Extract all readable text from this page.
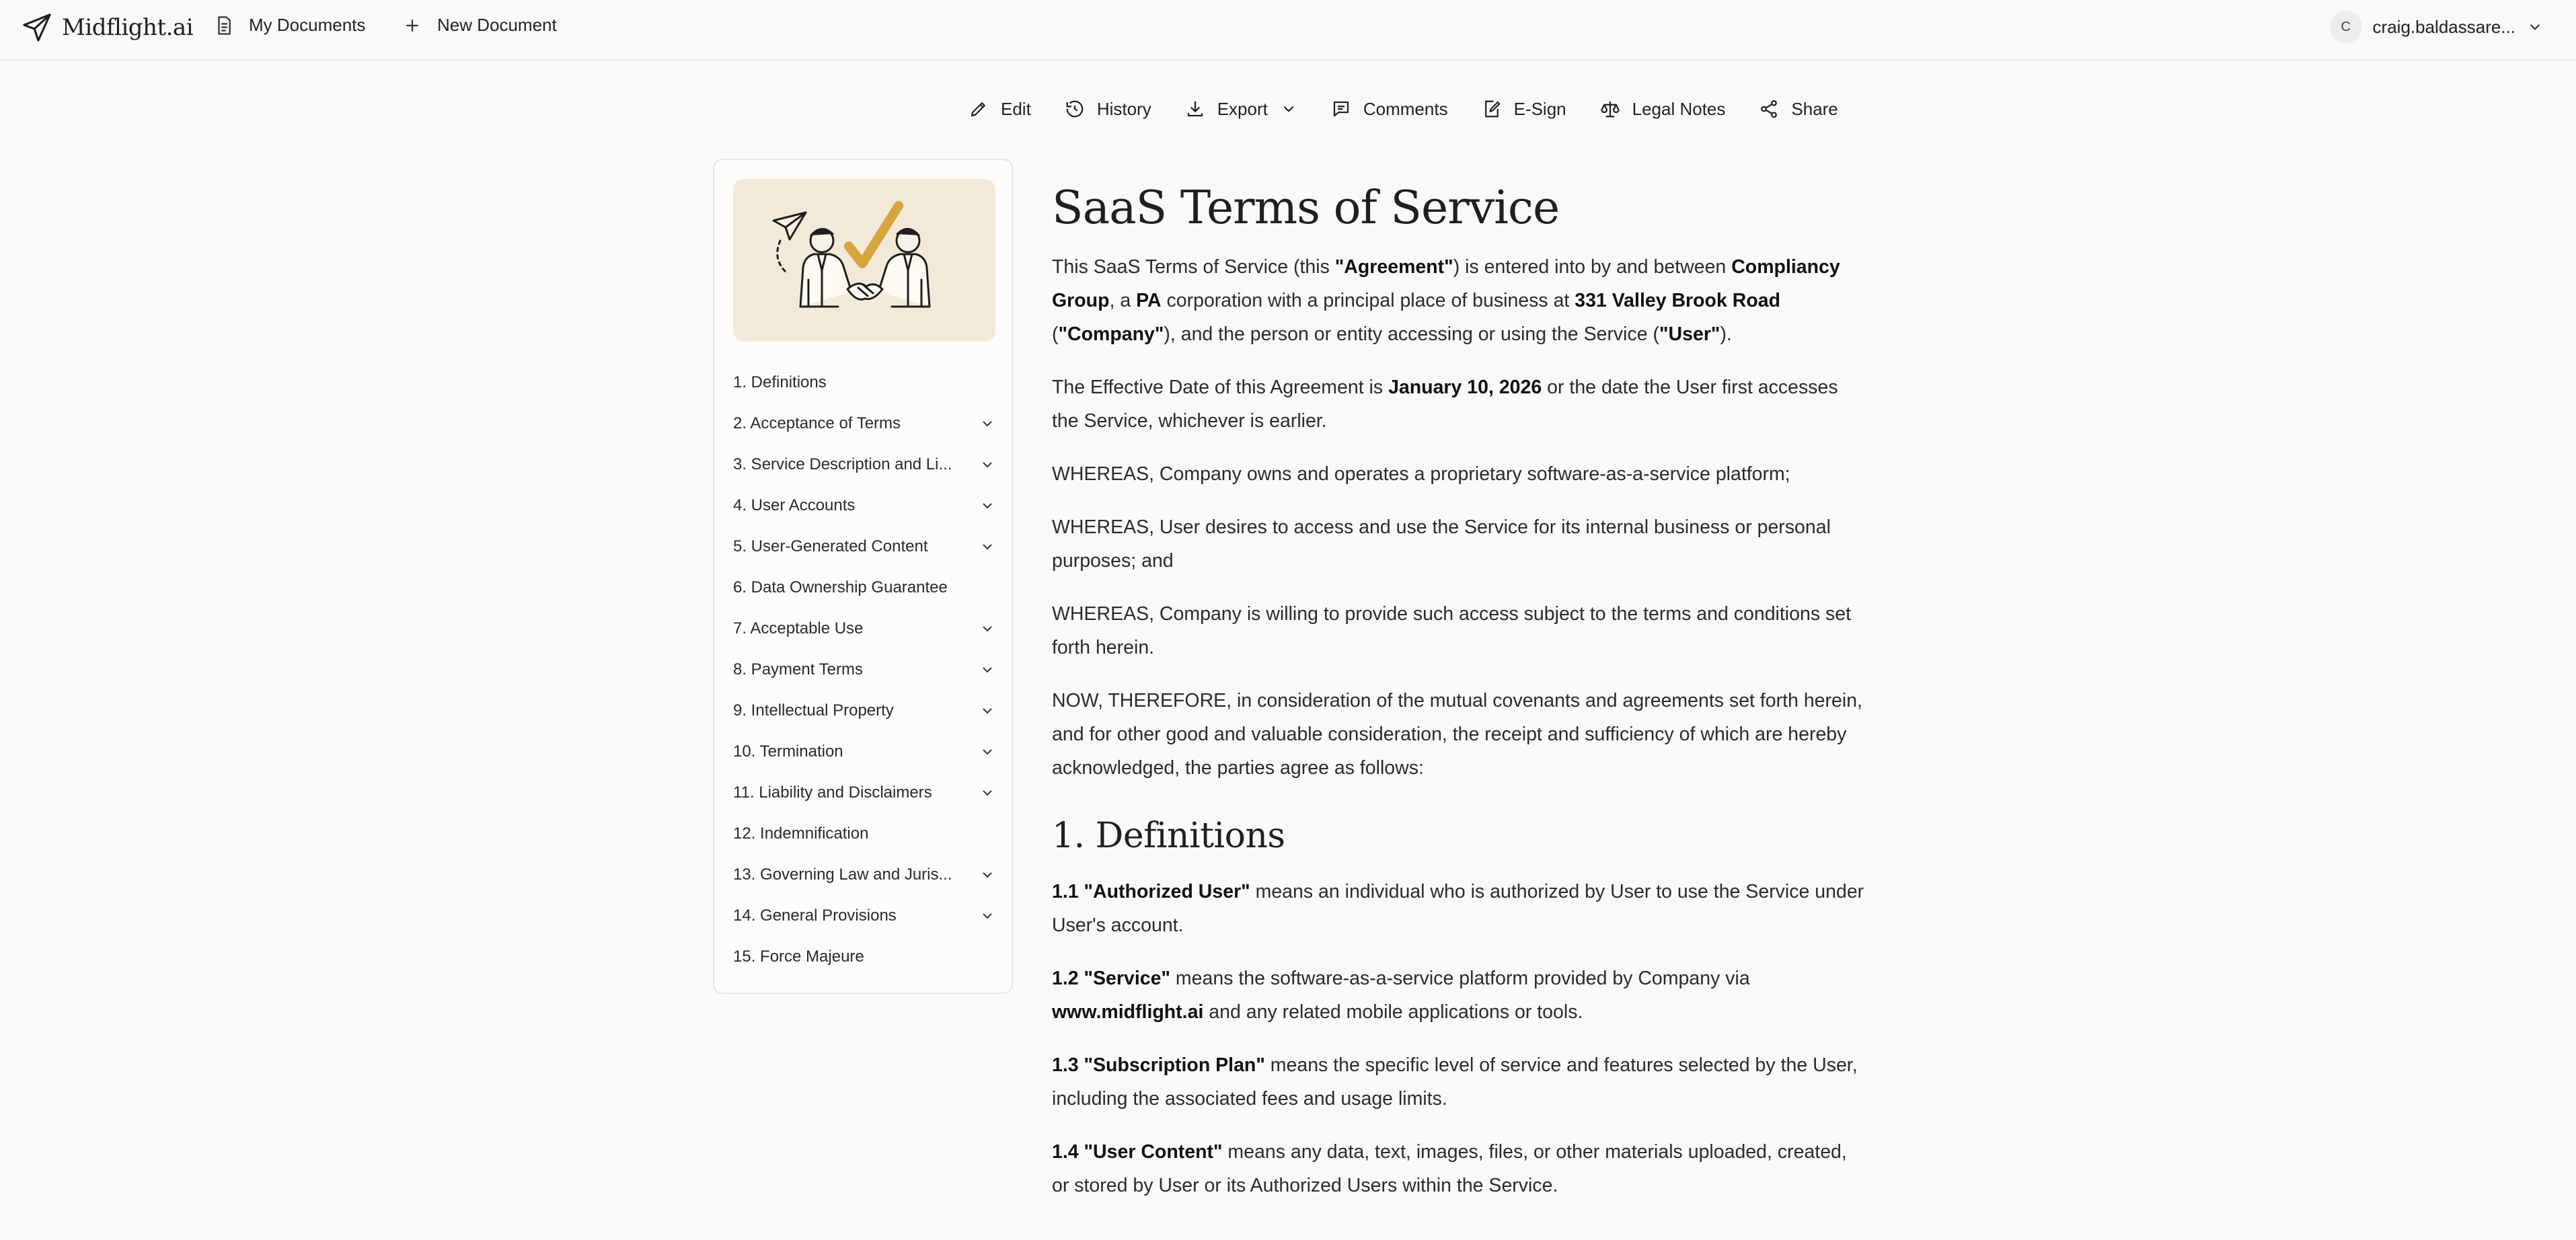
Midflight.ai	My Documents	New Document	C	craig.baldassare...
Edit	History	Export	Comments	E-Sign	Legal Notes	Share
1. Definitions
2. Acceptance of Terms
3. Service Description and Li...
4. User Accounts
5. User-Generated Content
6. Data Ownership Guarantee
7. Acceptable Use
8. Payment Terms
9. Intellectual Property
10. Termination
11. Liability and Disclaimers
12. Indemnification
13. Governing Law and Juris...
14. General Provisions
15. Force Majeure
SaaS Terms of Service

This SaaS Terms of Service (this "Agreement") is entered into by and between Compliancy Group, a PA corporation with a principal place of business at 331 Valley Brook Road ("Company"), and the person or entity accessing or using the Service ("User").

The Effective Date of this Agreement is January 10, 2026 or the date the User first accesses the Service, whichever is earlier.

WHEREAS, Company owns and operates a proprietary software-as-a-service platform;

WHEREAS, User desires to access and use the Service for its internal business or personal purposes; and

WHEREAS, Company is willing to provide such access subject to the terms and conditions set forth herein.

NOW, THEREFORE, in consideration of the mutual covenants and agreements set forth herein, and for other good and valuable consideration, the receipt and sufficiency of which are hereby acknowledged, the parties agree as follows:

1. Definitions

1.1 "Authorized User" means an individual who is authorized by User to use the Service under User's account.

1.2 "Service" means the software-as-a-service platform provided by Company via www.midflight.ai and any related mobile applications or tools.

1.3 "Subscription Plan" means the specific level of service and features selected by the User, including the associated fees and usage limits.

1.4 "User Content" means any data, text, images, files, or other materials uploaded, created, or stored by User or its Authorized Users within the Service.
